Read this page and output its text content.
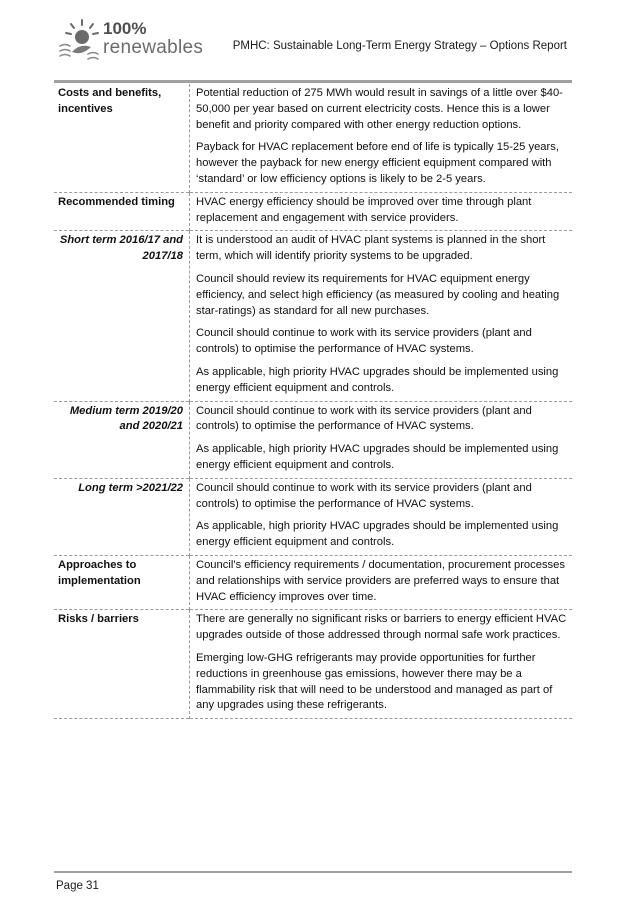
100%
renewables	PMHC: Sustainable Long-Term Energy Strategy – Options Report
Costs and benefits, incentives	Potential reduction of 275 MWh would result in savings of a little over $40-50,000 per year based on current electricity costs. Hence this is a lower benefit and priority compared with other energy reduction options.

Payback for HVAC replacement before end of life is typically 15-25 years, however the payback for new energy efficient equipment compared with ‘standard’ or low efficiency options is likely to be 2-5 years.

Recommended timing	HVAC energy efficiency should be improved over time through plant replacement and engagement with service providers.

Short term 2016/17 and 2017/18	It is understood an audit of HVAC plant systems is planned in the short term, which will identify priority systems to be upgraded.

Council should review its requirements for HVAC equipment energy efficiency, and select high efficiency (as measured by cooling and heating star-ratings) as standard for all new purchases.

Council should continue to work with its service providers (plant and controls) to optimise the performance of HVAC systems.

As applicable, high priority HVAC upgrades should be implemented using energy efficient equipment and controls.

Medium term 2019/20 and 2020/21	Council should continue to work with its service providers (plant and controls) to optimise the performance of HVAC systems.

As applicable, high priority HVAC upgrades should be implemented using energy efficient equipment and controls.

Long term >2021/22	Council should continue to work with its service providers (plant and controls) to optimise the performance of HVAC systems.

As applicable, high priority HVAC upgrades should be implemented using energy efficient equipment and controls.

Approaches to implementation	Council’s efficiency requirements / documentation, procurement processes and relationships with service providers are preferred ways to ensure that HVAC efficiency improves over time.

Risks / barriers	There are generally no significant risks or barriers to energy efficient HVAC upgrades outside of those addressed through normal safe work practices.

Emerging low-GHG refrigerants may provide opportunities for further reductions in greenhouse gas emissions, however there may be a flammability risk that will need to be understood and managed as part of any upgrades using these refrigerants.

Page 31
